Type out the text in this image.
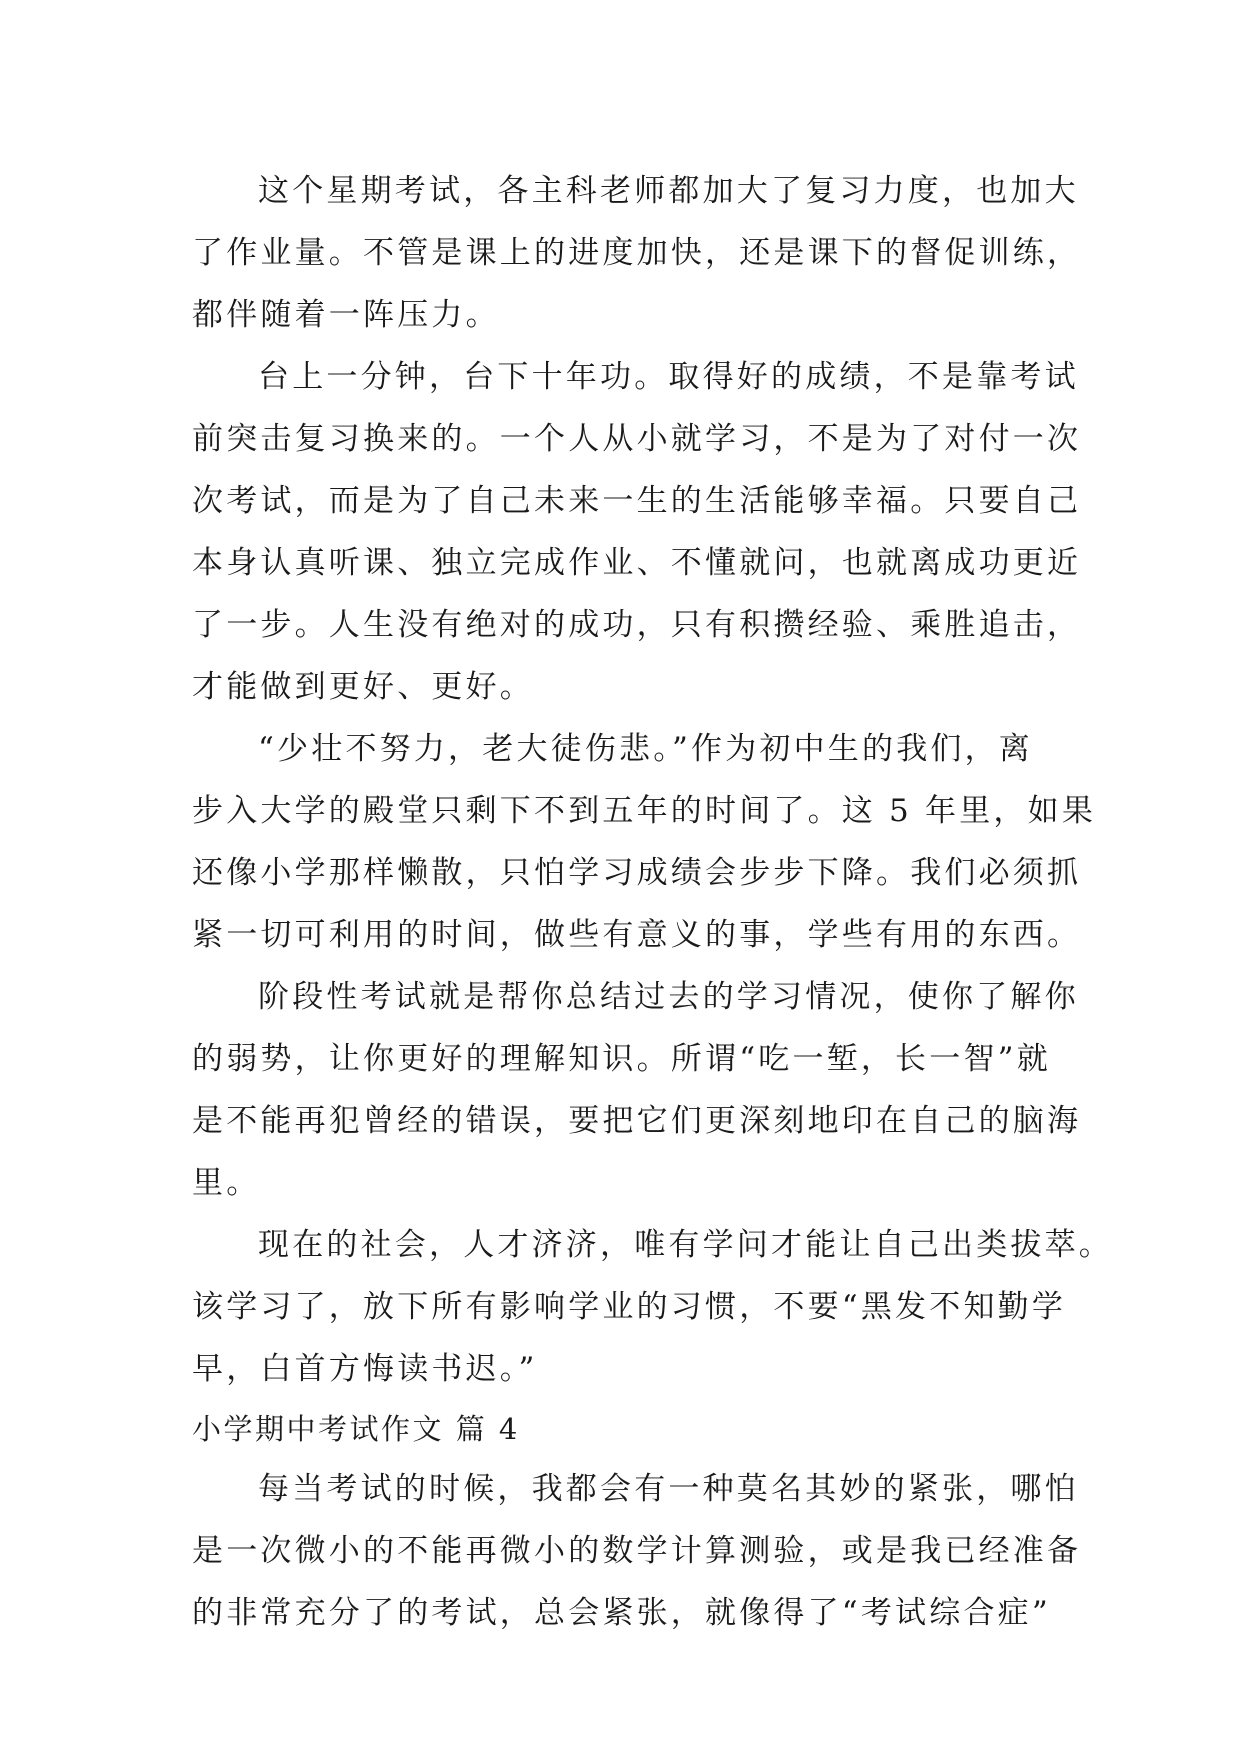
这个星期考试，各主科老师都加大了复习力度，也加大
了作业量。不管是课上的进度加快，还是课下的督促训练，
都伴随着一阵压力。
台上一分钟，台下十年功。取得好的成绩，不是靠考试
前突击复习换来的。一个人从小就学习，不是为了对付一次
次考试，而是为了自己未来一生的生活能够幸福。只要自己
本身认真听课、独立完成作业、不懂就问，也就离成功更近
了一步。人生没有绝对的成功，只有积攒经验、乘胜追击，
才能做到更好、更好。
“少壮不努力，老大徒伤悲。”作为初中生的我们，离
步入大学的殿堂只剩下不到五年的时间了。这 5 年里，如果
还像小学那样懒散，只怕学习成绩会步步下降。我们必须抓
紧一切可利用的时间，做些有意义的事，学些有用的东西。
阶段性考试就是帮你总结过去的学习情况，使你了解你
的弱势，让你更好的理解知识。所谓“吃一堑，长一智”就
是不能再犯曾经的错误，要把它们更深刻地印在自己的脑海
里。
现在的社会，人才济济，唯有学问才能让自己出类拔萃。
该学习了，放下所有影响学业的习惯，不要“黑发不知勤学
早，白首方悔读书迟。”
小学期中考试作文 篇 4
每当考试的时候，我都会有一种莫名其妙的紧张，哪怕
是一次微小的不能再微小的数学计算测验，或是我已经准备
的非常充分了的考试，总会紧张，就像得了“考试综合症”
